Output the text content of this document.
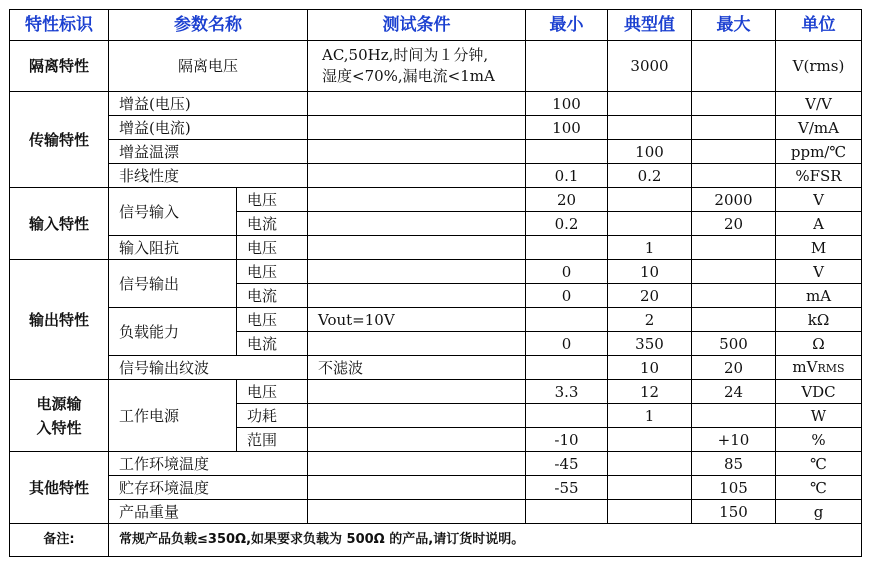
特性标识	参数名称		测试条件	最小	典型值	最大	单位
隔离特性	隔离电压		AC,50Hz,时间为１分钟,
湿度<70%,漏电流<1mA		3000		V(rms)
传输特性	增益(电压)			100			V/V
	增益(电流)			100			V/mA
	增益温漂				100		ppm/℃
	非线性度			0.1	0.2		%FSR
输入特性	信号输入	电压		20		2000	V
		电流		0.2		20	A
	输入阻抗	电压			1		M
输出特性	信号输出	电压		0	10		V
		电流		0	20		mA
	负载能力	电压	Vout=10V		2		kΩ
		电流		0	350	500	Ω
	信号输出纹波		不滤波		10	20	mVRMS

电源输
入特性	工作电源	电压		3.3	12	24	VDC
		功耗			1		W
		范围		-10		+10	%
其他特性	工作环境温度			-45		85	℃
	贮存环境温度			-55		105	℃
	产品重量					150	g
备注:	常规产品负载≤350Ω,如果要求负载为 500Ω 的产品,请订货时说明。						
